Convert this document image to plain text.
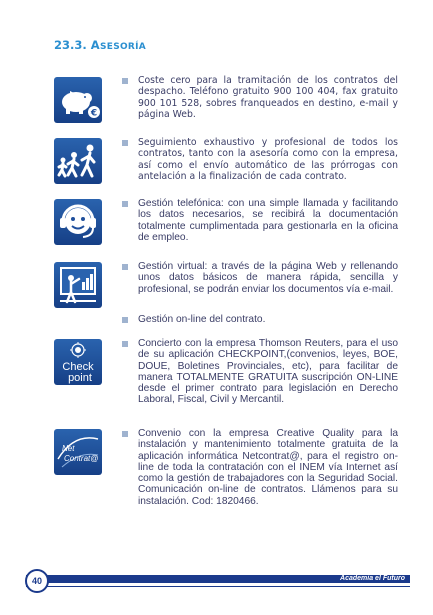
23.3. ASESORÍA
€
Coste cero para la tramitación de los contratos del despacho. Teléfono gratuito 900 100 404, fax gratuito 900 101 528, sobres franqueados en destino, e-mail y página Web.
Seguimiento exhaustivo y profesional de todos los contratos, tanto con la asesoría como con la empresa, así como el envío automático de las prórrogas con antelación a la finalización de cada contrato.
Gestión telefónica: con una simple llamada y facilitando los datos necesarios, se recibirá la documentación totalmente cumplimentada para gestionarla en la oficina de empleo.
Gestión virtual: a través de la página Web y rellenando unos datos básicos de manera rápida, sencilla y profesional, se podrán enviar los documentos vía e-mail.
Gestión on-line del contrato.
Check
point
Concierto con la empresa Thomson Reuters, para el uso de su aplicación CHECKPOINT,(convenios, leyes, BOE, DOUE, Boletines Provinciales, etc), para facilitar de manera TOTALMENTE GRATUITA suscripción ON-LINE desde el primer contrato para legislación en Derecho Laboral, Fiscal, Civil y Mercantil.
Net
Contrat@
Convenio con la empresa Creative Quality para la instalación y mantenimiento totalmente gratuita de la aplicación informática Netcontrat@, para el registro on-line de toda la contratación con el INEM vía Internet así como la gestión de trabajadores con la Seguridad Social. Comunicación on-line de contratos. Llámenos para su instalación. Cod: 1820466.
40	Academia el Futuro
